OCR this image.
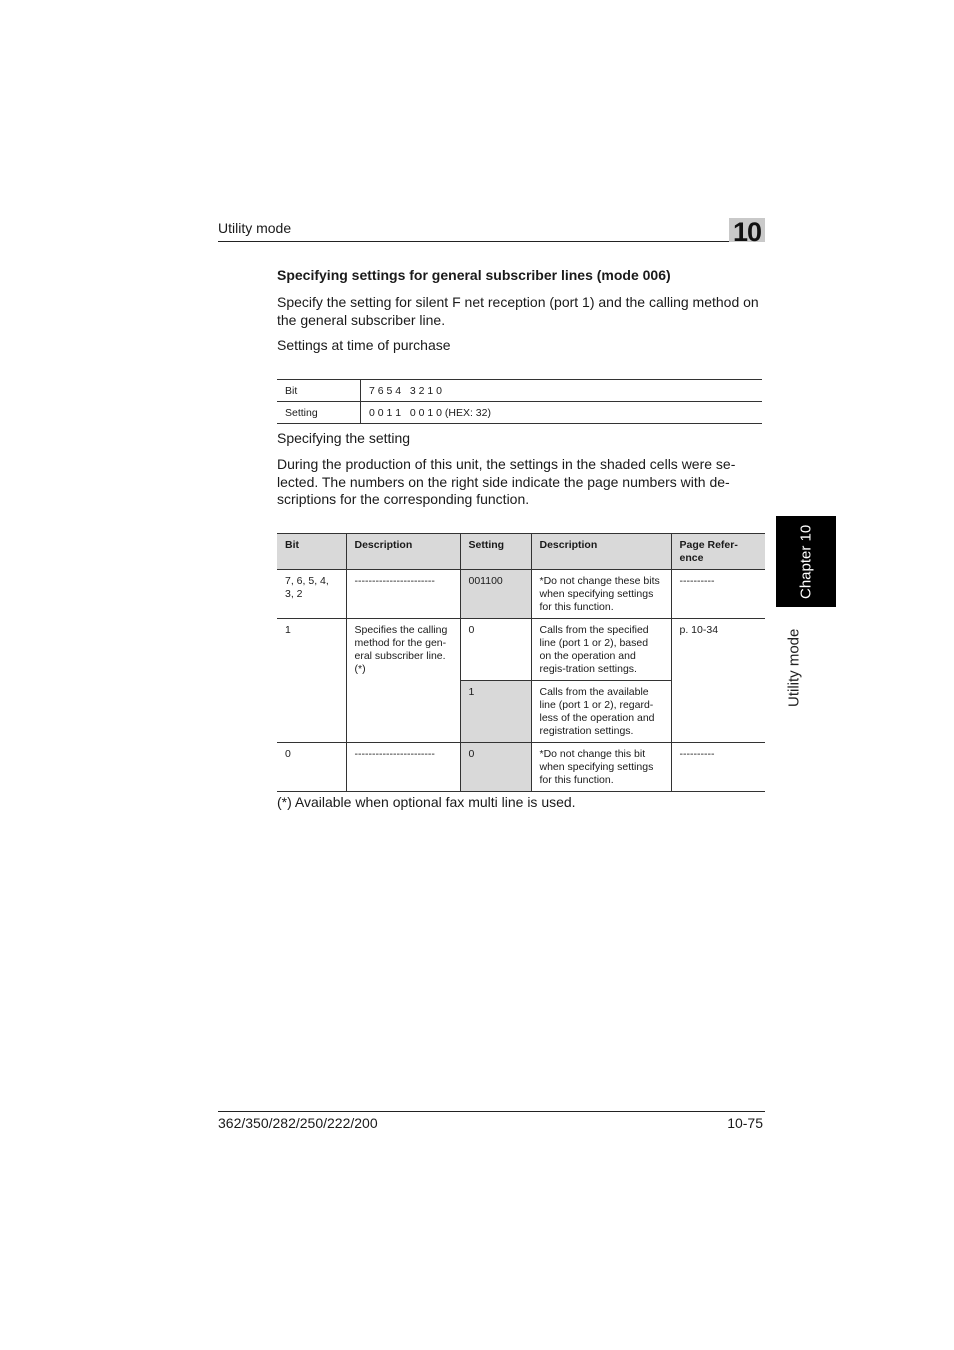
Utility mode	10
Specifying settings for general subscriber lines (mode 006)
Specify the setting for silent F net reception (port 1) and the calling method on the general subscriber line.
Settings at time of purchase
Bit	7 6 5 4   3 2 1 0
Setting	0 0 1 1   0 0 1 0 (HEX: 32)
Specifying the setting
During the production of this unit, the settings in the shaded cells were se-lected. The numbers on the right side indicate the page numbers with de-scriptions for the corresponding function.
Bit	Description	Setting	Description	Page Refer-ence
7, 6, 5, 4, 3, 2	-----------------------	001100	*Do not change these bits when specifying settings for this function.	----------
1	Specifies the calling method for the gen-eral subscriber line. (*)	0	Calls from the specified line (port 1 or 2), based on the operation and regis-tration settings.	p. 10-34
		1	Calls from the available line (port 1 or 2), regard-less of the operation and registration settings.	
0	-----------------------	0	*Do not change this bit when specifying settings for this function.	----------
(*) Available when optional fax multi line is used.
Chapter 10
Utility mode
362/350/282/250/222/200	10-75
